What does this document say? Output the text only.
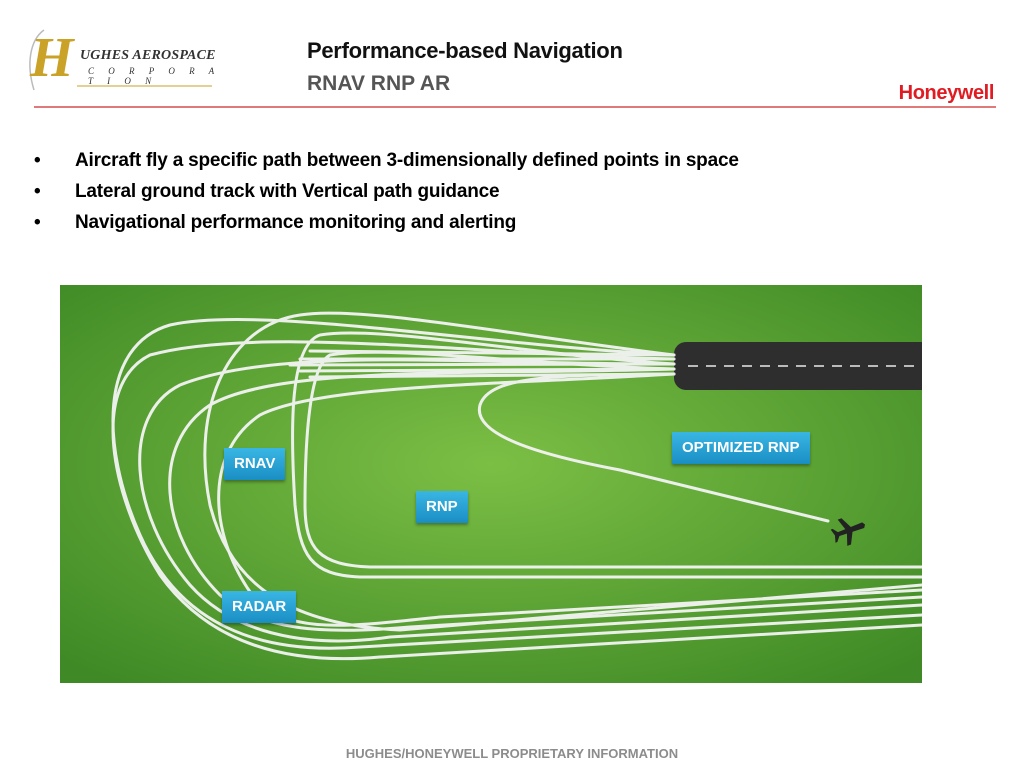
H UGHES AEROSPACE
C O R P O R A T I O N
Performance-based Navigation
RNAV RNP AR	Honeywell
• Aircraft fly a specific path between 3-dimensionally defined points in space
• Lateral ground track with Vertical path guidance
• Navigational performance monitoring and alerting
RNAV
RNP
RADAR
OPTIMIZED RNP
HUGHES/HONEYWELL PROPRIETARY INFORMATION
